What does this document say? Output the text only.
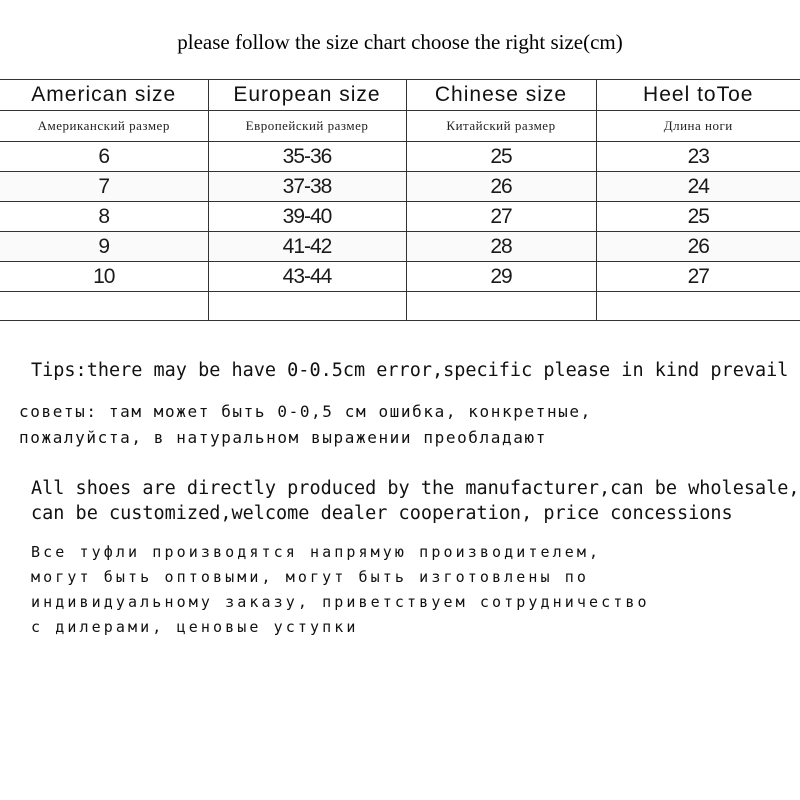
please follow the size chart choose the right size(cm)
American size	European size	Chinese size	Heel toToe
Американский размер	Европейский размер	Китайский размер	Длина ноги
6	35-36	25	23
7	37-38	26	24
8	39-40	27	25
9	41-42	28	26
10	43-44	29	27

Tips:there may be have 0-0.5cm error,specific please in kind prevail
советы: там может быть 0-0,5 см ошибка, конкретные,
пожалуйста, в натуральном выражении преобладают
All shoes are directly produced by the manufacturer,can be wholesale,
can be customized,welcome dealer cooperation, price concessions
Все туфли производятся напрямую производителем,
могут быть оптовыми, могут быть изготовлены по
индивидуальному заказу, приветствуем сотрудничество
с дилерами, ценовые уступки
